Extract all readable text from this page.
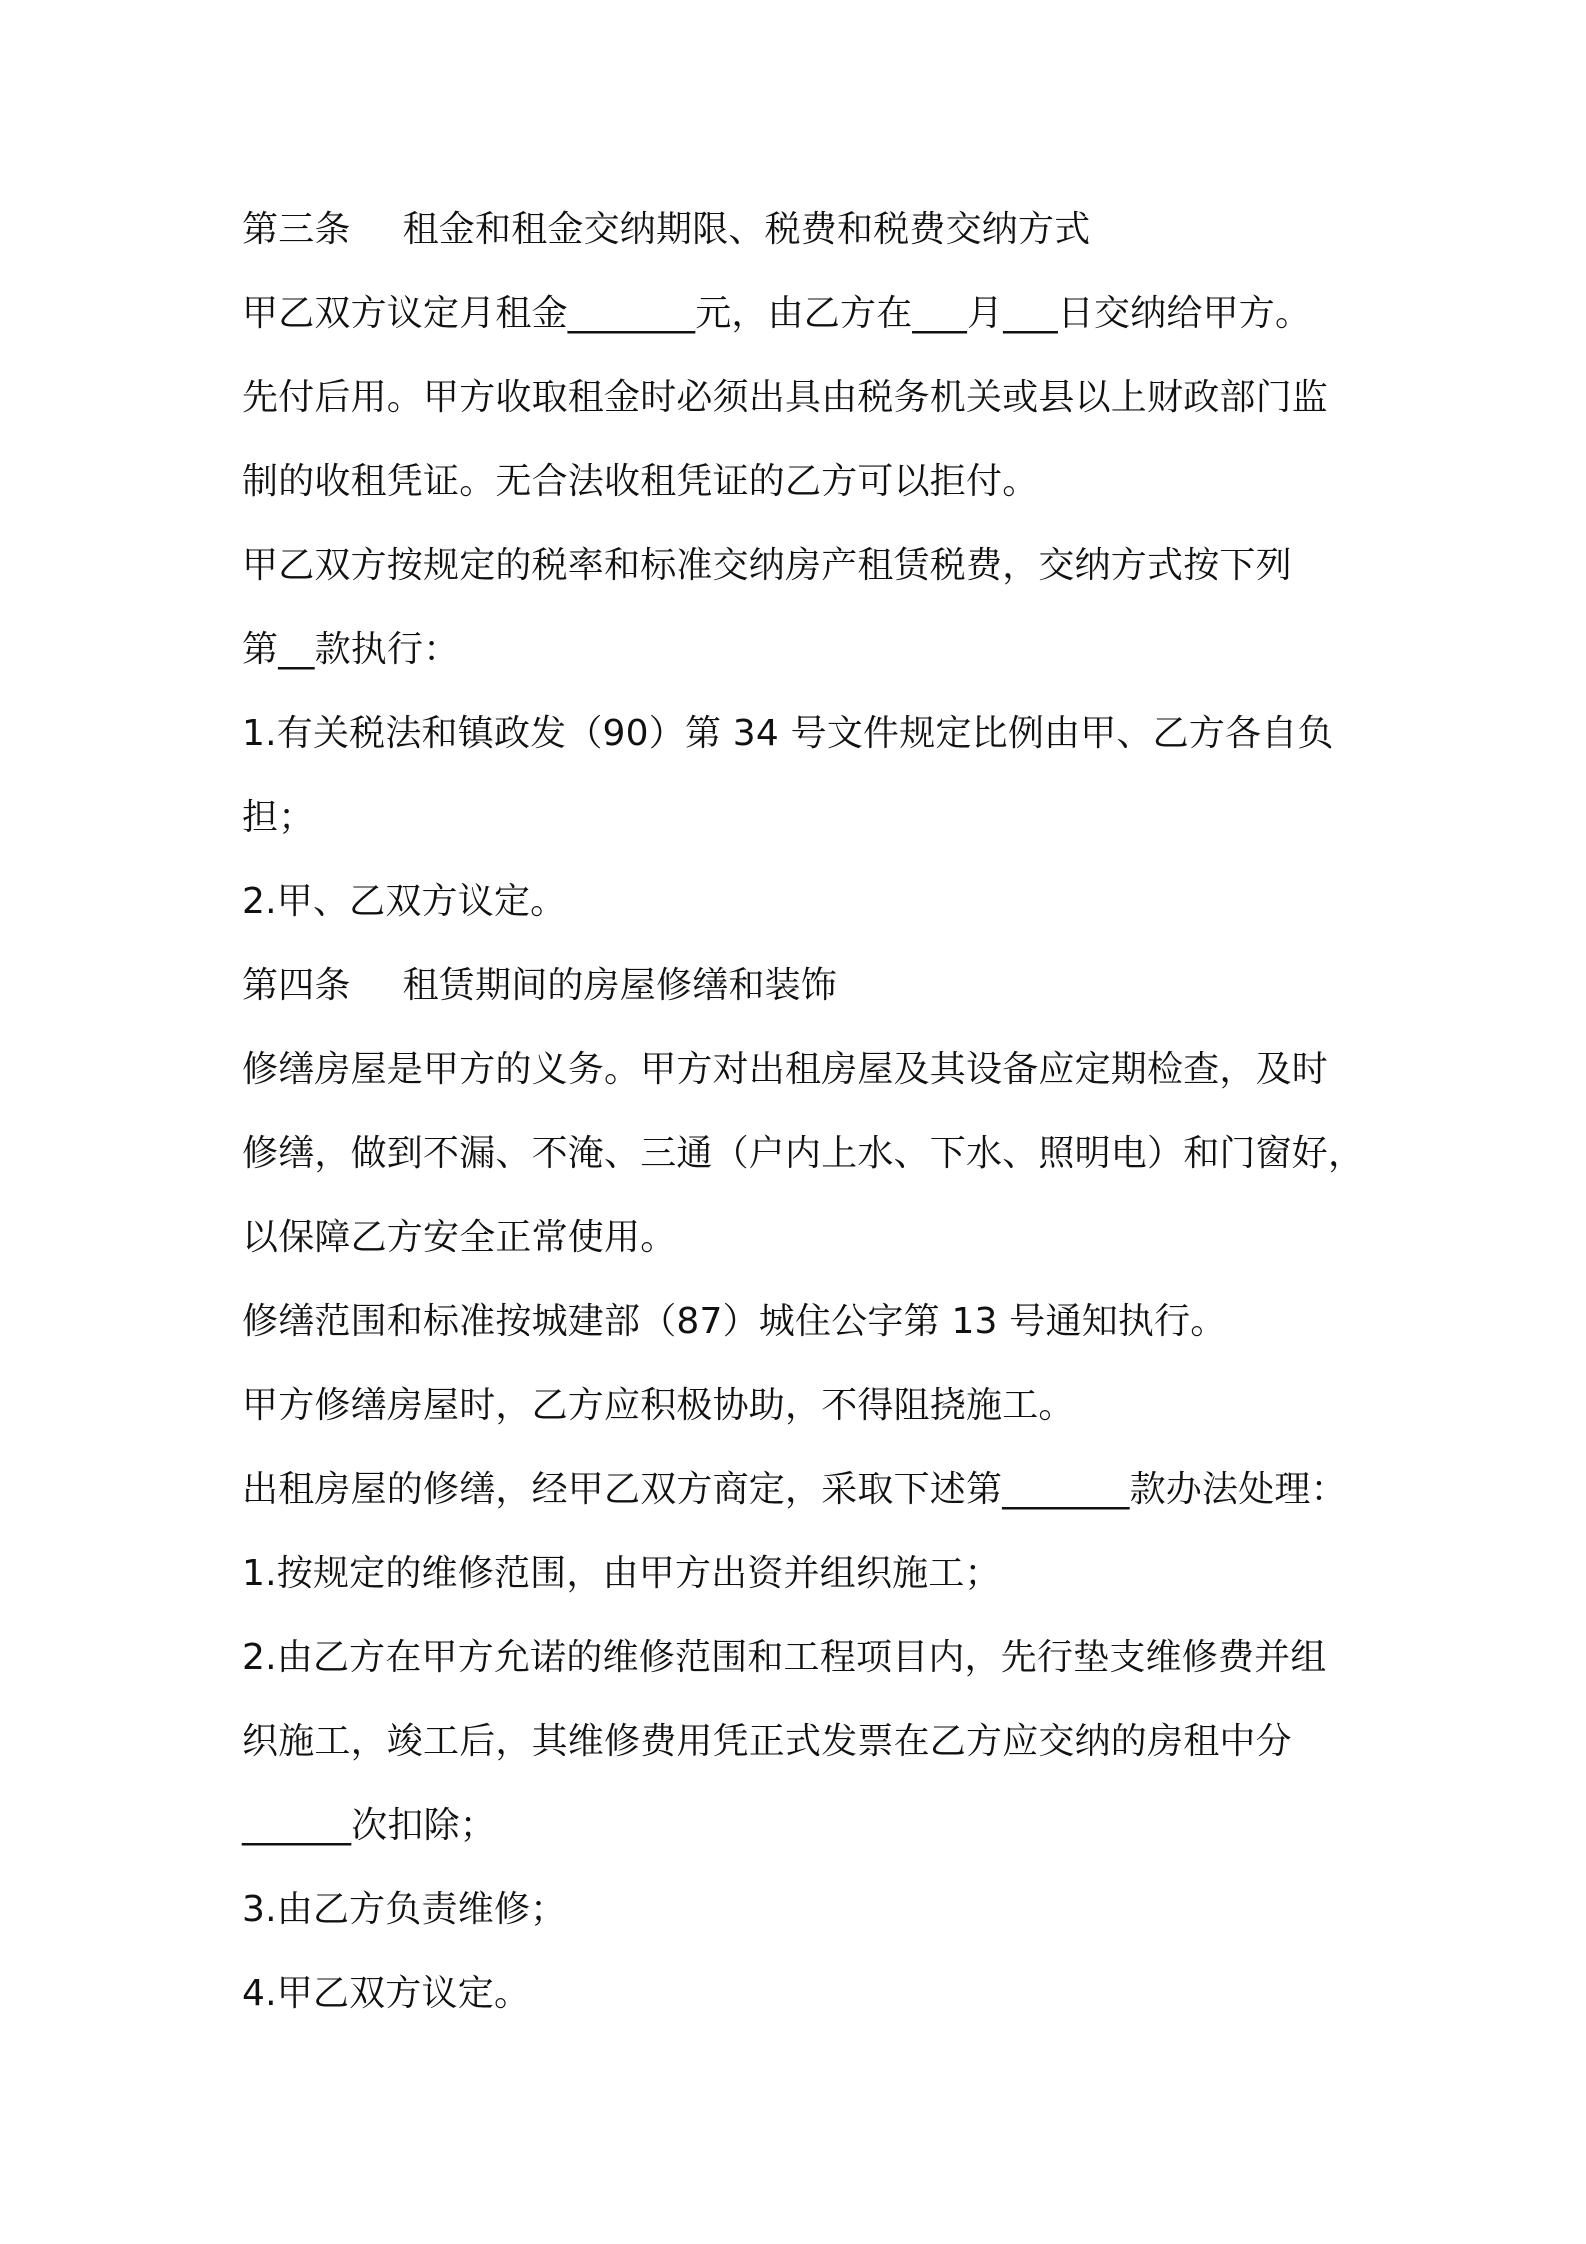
第三条 租金和租金交纳期限、税费和税费交纳方式
甲乙双方议定月租金_______元，由乙方在___月___日交纳给甲方。
先付后用。甲方收取租金时必须出具由税务机关或县以上财政部门监
制的收租凭证。无合法收租凭证的乙方可以拒付。
甲乙双方按规定的税率和标准交纳房产租赁税费，交纳方式按下列
第__款执行：
1.有关税法和镇政发（90）第 34 号文件规定比例由甲、乙方各自负
担；
2.甲、乙双方议定。
第四条 租赁期间的房屋修缮和装饰
修缮房屋是甲方的义务。甲方对出租房屋及其设备应定期检查，及时
修缮，做到不漏、不淹、三通（户内上水、下水、照明电）和门窗好，
以保障乙方安全正常使用。
修缮范围和标准按城建部（87）城住公字第 13 号通知执行。
甲方修缮房屋时，乙方应积极协助，不得阻挠施工。
出租房屋的修缮，经甲乙双方商定，采取下述第_______款办法处理：
1.按规定的维修范围，由甲方出资并组织施工；
2.由乙方在甲方允诺的维修范围和工程项目内，先行垫支维修费并组
织施工，竣工后，其维修费用凭正式发票在乙方应交纳的房租中分
______次扣除；
3.由乙方负责维修；
4.甲乙双方议定。
